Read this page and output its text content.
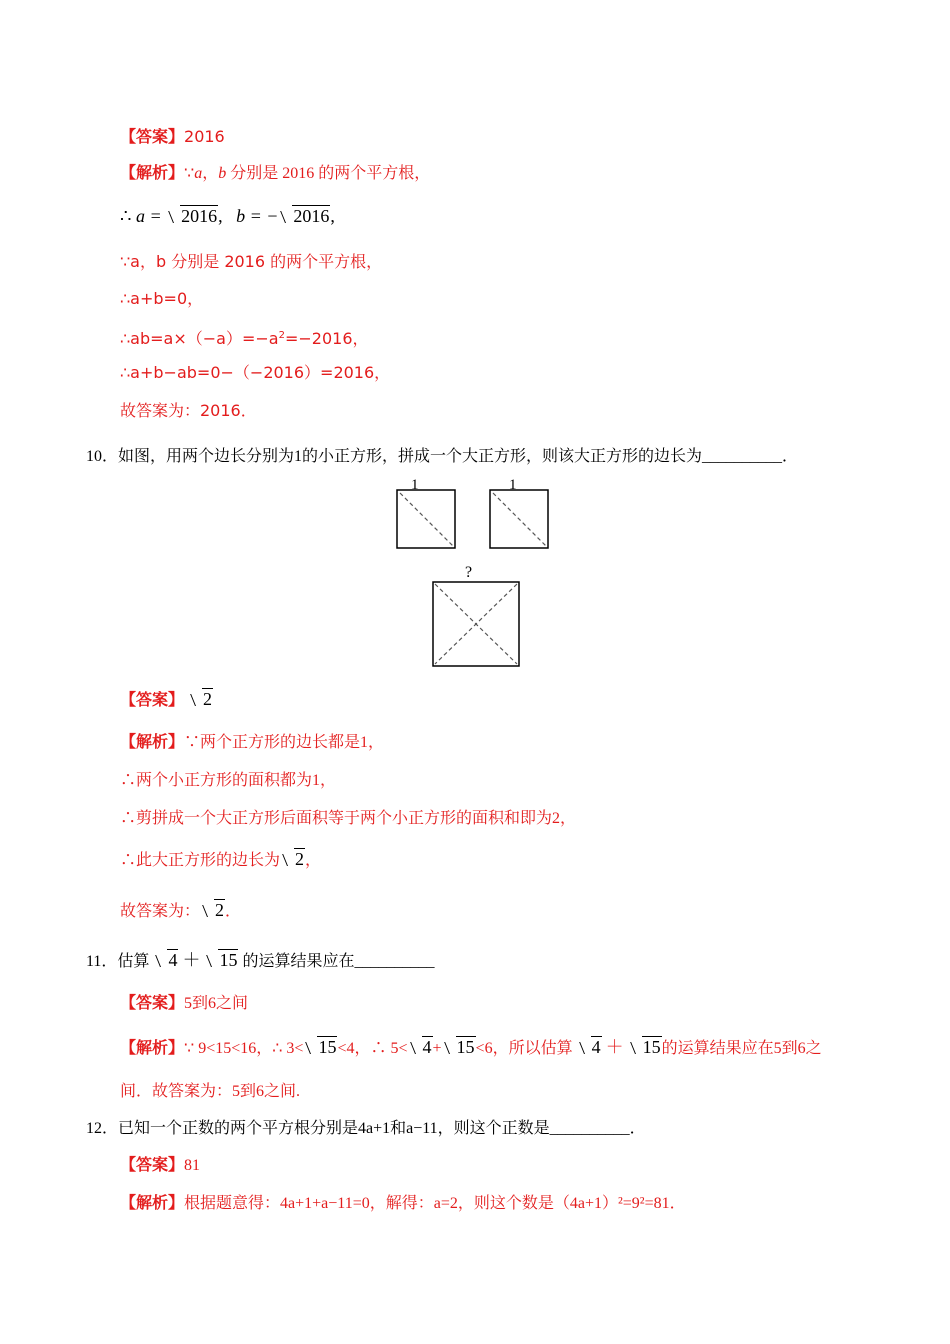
【答案】2016
【解析】∵a，b 分别是 2016 的两个平方根，
∴ a = 2016,   b = − 2016,
∵a，b 分别是 2016 的两个平方根，
∴a+b=0，
$\therefore ab=a\times(-a)=-a^2=-2016$，
∴a+b−ab=0−（−2016）=2016，
故答案为：2016．
10．如图，用两个边长分别为1的小正方形，拼成一个大正方形，则该大正方形的边长为__________．
1	1
?
【答案】 2
【解析】∵两个正方形的边长都是1，
∴两个小正方形的面积都为1，
∴剪拼成一个大正方形后面积等于两个小正方形的面积和即为2，
∴此大正方形的边长为 2，
故答案为： 2．
11．估算 4 ＋ 15 的运算结果应在__________
【答案】5到6之间
【解析】∵ 9<15<16，∴ 3< 15<4，∴ 5< 4+ 15<6，所以估算 4 ＋ 15的运算结果应在5到6之
间．故答案为：5到6之间.
12．已知一个正数的两个平方根分别是4a+1和a−11，则这个正数是__________．
【答案】81
【解析】根据题意得：4a+1+a−11=0，解得：a=2，则这个数是（4a+1）²=9²=81．
